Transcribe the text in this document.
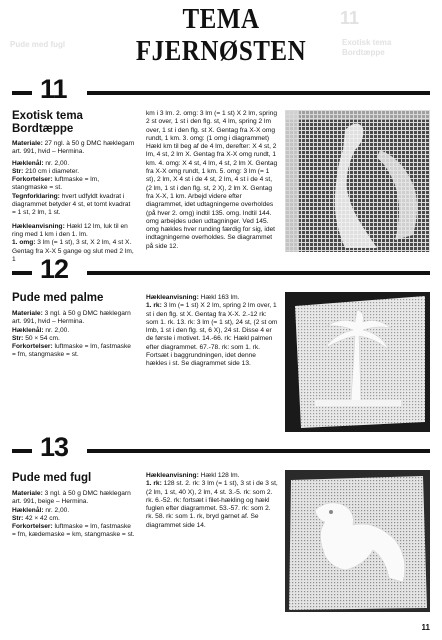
11
Exotisk tema
Bordtæppe
Pude med fugl
TEMA FJERNØSTEN
11
Exotisk tema
Bordtæppe

Materiale: 27 ngl. à 50 g DMC hæklegarn art. 991, hvid – Hermina.

Hæklenål: nr. 2,00.

Str: 210 cm i diameter.

Forkortelser: luftmaske = lm, stangmaske = st.

Tegnforklaring: hvert udfyldt kvadrat i diagrammet betyder 4 st, et tomt kvadrat = 1 st, 2 lm, 1 st.

Hækleanvisning: Hækl 12 lm, luk til en ring med 1 km i den 1. lm.

1. omg: 3 lm (= 1 st), 3 st, X 2 lm, 4 st X. Gentag fra X-X 5 gange og slut med 2 lm, 1

km i 3 lm. 2. omg: 3 lm (= 1 st) X 2 lm, spring 2 st over, 1 st i den flg. st, 4 lm, spring 2 lm over, 1 st i den flg. st X. Gentag fra X-X omg rundt, 1 km. 3. omg: (1 omg i diagrammet) Hækl km til beg af de 4 lm, derefter: X 4 st, 2 lm, 4 st, 2 lm X. Gentag fra X-X omg rundt, 1 km. 4. omg: X 4 st, 4 lm, 4 st, 2 lm X. Gentag fra X-X omg rundt, 1 km. 5. omg: 3 lm (= 1 st), 2 lm, X 4 st i de 4 st, 2 lm, 4 st i de 4 st, (2 lm, 1 st i den flg. st, 2 X), 2 lm X. Gentag fra X-X, 1 km. Arbejd videre efter diagrammet, idet udtagningerne overholdes (på hver 2. omg) indtil 135. omg. Indtil 144. omg arbejdes uden udtagninger. Ved 145. omg hækles hver runding færdig for sig, idet indtagningerne overholdes. Se diagrammet på side 12.

12
Pude med palme

Materiale: 3 ngl. à 50 g DMC hæklegarn art. 991, hvid – Hermina.

Hæklenål: nr. 2,00.

Str: 50 × 54 cm.

Forkortelser: luftmaske = lm, fastmaske = fm, stangmaske = st.

Hækleanvisning: Hækl 163 lm.

1. rk: 3 lm (= 1 st) X 2 lm, spring 2 lm over, 1 st i den flg. st X. Gentag fra X-X. 2.-12 rk: som 1. rk. 13. rk: 3 lm (= 1 st), 24 st, (2 st om lmb, 1 st i den flg. st, 6 X), 24 st. Disse 4 er de første i motivet. 14.-66. rk: Hækl palmen efter diagrammet. 67.-78. rk: som 1. rk. Fortsæt i baggrundningen, idet denne hækles i st. Se diagrammet side 13.

13
Pude med fugl

Materiale: 3 ngl. à 50 g DMC hæklegarn art. 991, beige – Hermina.

Hæklenål: nr. 2,00.

Str: 42 × 42 cm.

Forkortelser: luftmaske = lm, fastmaske = fm, kædemaske = km, stangmaske = st.

Hækleanvisning: Hækl 128 lm.

1. rk: 128 st. 2. rk: 3 lm (= 1 st), 3 st i de 3 st, (2 lm, 1 st, 40 X), 2 lm, 4 st. 3.-5. rk: som 2. rk. 6.-52. rk: fortsæt i filet-hækling og hækl fuglen efter diagrammet. 53.-57. rk: som 2. rk. 58. rk: som 1. rk, bryd garnet af. Se diagrammet side 14.

11
